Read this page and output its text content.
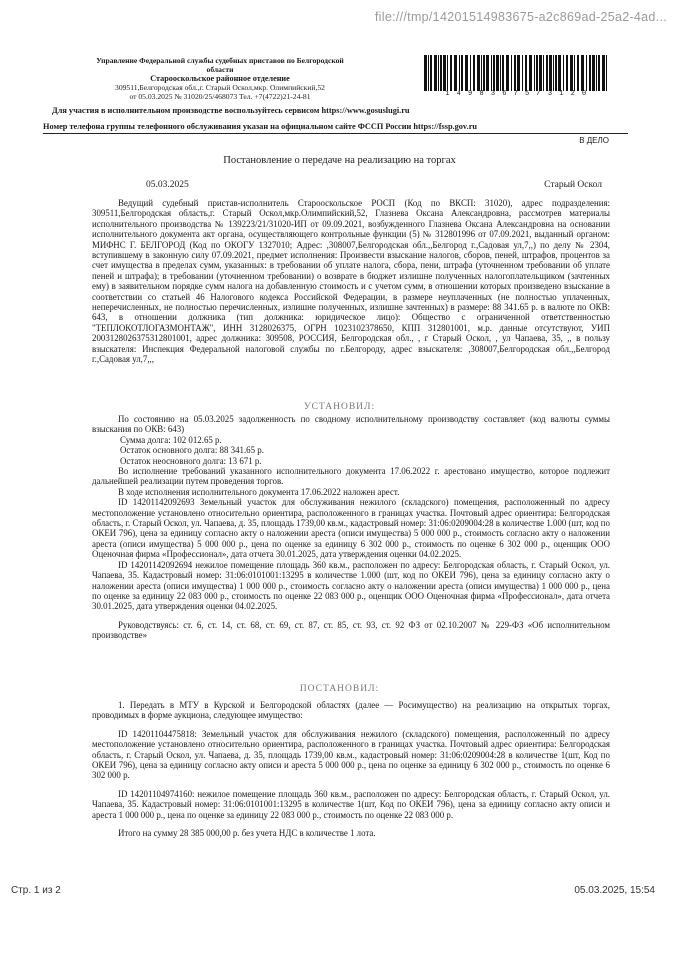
file:///tmp/14201514983675-a2c869ad-25a2-4ad...
Управление Федеральной службы судебных приставов по Белгородской
области
Старооскольское районное отделение
309511,Белгородская обл.,г. Старый Оскол,мкр. Олимпийский,52
от 05.03.2025 № 31020/25/468073 Тел. +7(4722)21-24-81	1 4 9 8 3 6 7 5 / 3 1 2 0
Для участия в исполнительном производстве воспользуйтесь сервисом https://www.gosuslugi.ru
Номер телефона группы телефонного обслуживания указан на официальном сайте ФССП России https://fssp.gov.ru
В ДЕЛО
Постановление о передаче на реализацию на торгах
05.03.2025	Старый Оскол
Ведущий судебный пристав-исполнитель Старооскольское РОСП (Код по ВКСП: 31020), адрес подразделения: 309511,Белгородская область,г. Старый Оскол,мкр.Олимпийский,52, Глазнева Оксана Александровна, рассмотрев материалы исполнительного производства № 139223/21/31020-ИП от 09.09.2021, возбужденного Глазнева Оксана Александровна на основании исполнительного документа акт органа, осуществляющего контрольные функции (5) № 312801996 от 07.09.2021, выданный органом: МИФНС Г. БЕЛГОРОД (Код по ОКОГУ 1327010; Адрес: ,308007,Белгородская обл.,,Белгород г.,Садовая ул,7,,) по делу № 2304, вступившему в законную силу 07.09.2021, предмет исполнения: Произвести взыскание налогов, сборов, пеней, штрафов, процентов за счет имущества в пределах сумм, указанных: в требовании об уплате налога, сбора, пени, штрафа (уточненном требовании об уплате пеней и штрафа); в требовании (уточненном требовании) о возврате в бюджет излишне полученных налогоплательщиком (зачтенных ему) в заявительном порядке сумм налога на добавленную стоимость и с учетом сумм, в отношении которых произведено взыскание в соответствии со статьей 46 Налогового кодекса Российской Федерации, в размере неуплаченных (не полностью уплаченных, неперечисленных, не полностью перечисленных, излишне полученных, излишне зачтенных) в размере: 88 341.65 р. в валюте по ОКВ: 643, в отношении должника (тип должника: юридическое лицо): Общество с ограниченной ответственностью "ТЕПЛОКОТЛОГАЗМОНТАЖ", ИНН 3128026375, ОГРН 1023102378650, КПП 312801001, м.р. данные отсутствуют, УИП 2003128026375312801001, адрес должника: 309508, РОССИЯ, Белгородская обл., , г Старый Оскол, , ул Чапаева, 35, ,, в пользу взыскателя: Инспекция Федеральной налоговой службы по г.Белгороду, адрес взыскателя: ,308007,Белгородская обл.,,Белгород г.,Садовая ул,7,,,
УСТАНОВИЛ:
По состоянию на 05.03.2025 задолженность по сводному исполнительному производству составляет (код валюты суммы взыскания по ОКВ: 643)
Сумма долга: 102 012.65 р.
Остаток основного долга: 88 341.65 р.
Остаток неосновного долга: 13 671 р.
Во исполнение требований указанного исполнительного документа 17.06.2022 г. арестовано имущество, которое подлежит дальнейшей реализации путем проведения торгов.
В ходе исполнения исполнительного документа 17.06.2022 наложен арест.
ID 14201142092693 Земельный участок для обслуживания нежилого (складского) помещения, расположенный по адресу местоположение установлено относительно ориентира, расположенного в границах участка. Почтовый адрес ориентира: Белгородская область, г. Старый Оскол, ул. Чапаева, д. 35, площадь 1739,00 кв.м., кадастровый номер: 31:06:0209004:28 в количестве 1.000 (шт, код по ОКЕИ 796), цена за единицу согласно акту о наложении ареста (описи имущества) 5 000 000 р., стоимость согласно акту о наложении ареста (описи имущества) 5 000 000 р., цена по оценке за единицу 6 302 000 р., стоимость по оценке 6 302 000 р., оценщик ООО Оценочная фирма «Профессионал», дата отчета 30.01.2025, дата утверждения оценки 04.02.2025.
ID 14201142092694 нежилое помещение площадь 360 кв.м., расположен по адресу: Белгородская область, г. Старый Оскол, ул. Чапаева, 35. Кадастровый номер: 31:06:0101001:13295 в количестве 1.000 (шт, код по ОКЕИ 796), цена за единицу согласно акту о наложении ареста (описи имущества) 1 000 000 р., стоимость согласно акту о наложении ареста (описи имущества) 1 000 000 р., цена по оценке за единицу 22 083 000 р., стоимость по оценке 22 083 000 р., оценщик ООО Оценочная фирма «Профессионал», дата отчета 30.01.2025, дата утверждения оценки 04.02.2025.
Руководствуясь: ст. 6, ст. 14, ст. 68, ст. 69, ст. 87, ст. 85, ст. 93, ст. 92 ФЗ от 02.10.2007 № 229-ФЗ «Об исполнительном производстве»
ПОСТАНОВИЛ:
1. Передать в МТУ в Курской и Белгородской областях (далее — Росимущество) на реализацию на открытых торгах, проводимых в форме аукциона, следующее имущество:
ID 14201104475818: Земельный участок для обслуживания нежилого (складского) помещения, расположенный по адресу местоположение установлено относительно ориентира, расположенного в границах участка. Почтовый адрес ориентира: Белгородская область, г. Старый Оскол, ул. Чапаева, д. 35, площадь 1739,00 кв.м., кадастровый номер: 31:06:0209004:28 в количестве 1(шт, Код по ОКЕИ 796), цена за единицу согласно акту описи и ареста 5 000 000 р., цена по оценке за единицу 6 302 000 р., стоимость по оценке 6 302 000 р.
ID 14201104974160: нежилое помещение площадь 360 кв.м., расположен по адресу: Белгородская область, г. Старый Оскол, ул. Чапаева, 35. Кадастровый номер: 31:06:0101001:13295 в количестве 1(шт, Код по ОКЕИ 796), цена за единицу согласно акту описи и ареста 1 000 000 р., цена по оценке за единицу 22 083 000 р., стоимость по оценке 22 083 000 р.
Итого на сумму 28 385 000,00 р. без учета НДС в количестве 1 лота.
Стр. 1 из 2	05.03.2025, 15:54
